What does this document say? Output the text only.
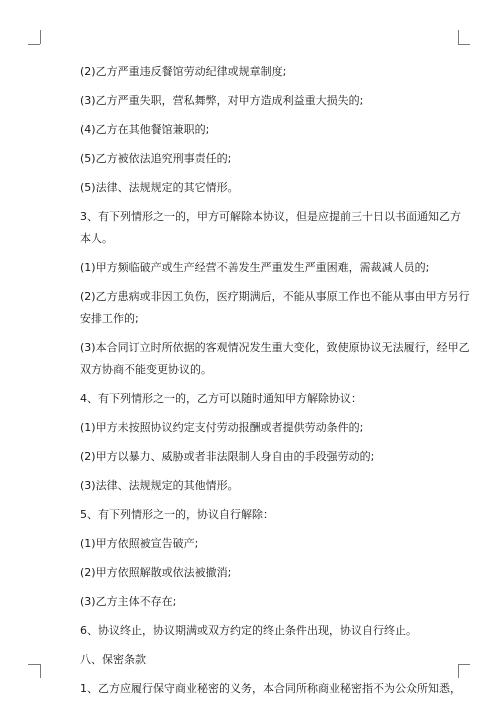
(2)乙方严重违反餐馆劳动纪律或规章制度;
(3)乙方严重失职，营私舞弊，对甲方造成利益重大损失的;
(4)乙方在其他餐馆兼职的;
(5)乙方被依法追究刑事责任的;
(5)法律、法规规定的其它情形。
3、有下列情形之一的，甲方可解除本协议，但是应提前三十日以书面通知乙方
本人。
(1)甲方频临破产或生产经营不善发生严重发生严重困难，需裁减人员的;
(2)乙方患病或非因工负伤，医疗期满后，不能从事原工作也不能从事由甲方另行
安排工作的;
(3)本合同订立时所依据的客观情况发生重大变化，致使原协议无法履行，经甲乙
双方协商不能变更协议的。
4、有下列情形之一的，乙方可以随时通知甲方解除协议：
(1)甲方未按照协议约定支付劳动报酬或者提供劳动条件的;
(2)甲方以暴力、威胁或者非法限制人身自由的手段强劳动的;
(3)法律、法规规定的其他情形。
5、有下列情形之一的，协议自行解除：
(1)甲方依照被宣告破产;
(2)甲方依照解散或依法被撤消;
(3)乙方主体不存在;
6、协议终止，协议期满或双方约定的终止条件出现，协议自行终止。
八、保密条款
1、乙方应履行保守商业秘密的义务，本合同所称商业秘密指不为公众所知悉，
